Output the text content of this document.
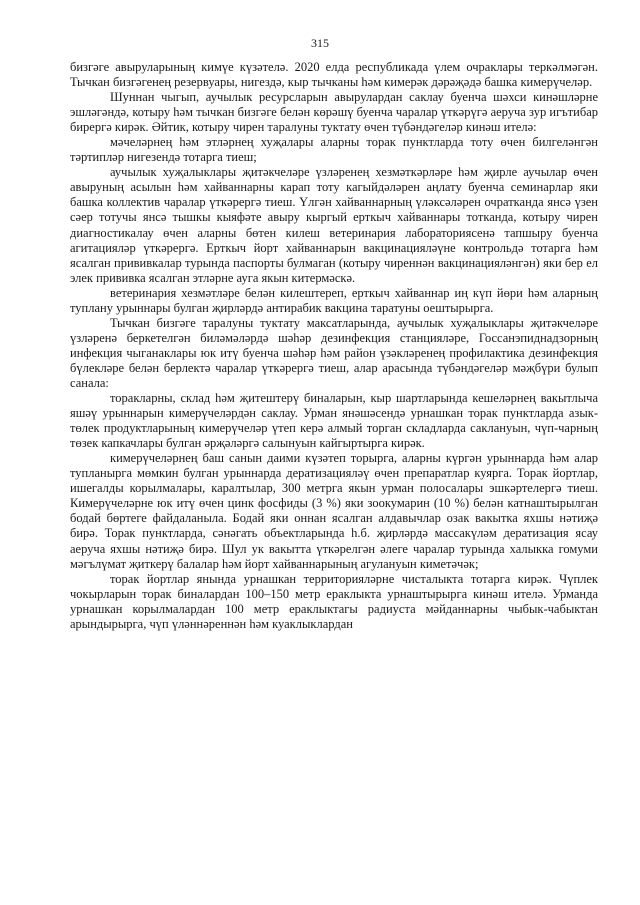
315

бизгәге авыруларының кимүе күзәтелә. 2020 елда республикада үлем очраклары теркәлмәгән. Тычкан бизгәгенең резервуары, нигездә, кыр тычканы һәм кимерәк дәрәҗәдә башка кимерүчеләр.

Шуннан чыгып, аучылык ресурсларын авырулардан саклау буенча шәхси кинәшләрне эшләгәндә, котыру һәм тычкан бизгәге белән көрәшү буенча чаралар үткәрүгә аеруча зур игътибар бирергә кирәк. Әйтик, котыру чирен таралуны туктату өчен түбәндәгеләр кинәш ителә:

мәчеләрнең һәм этләрнең хуҗалары аларны торак пунктларда тоту өчен билгеләнгән тәртипләр нигезендә тотарга тиеш;

аучылык хуҗалыклары җитәкчеләре үзләренең хезмәткәрләре һәм җирле аучылар өчен авыруның асылын һәм хайваннарны карап тоту кагыйдәләрен аңлату буенча семинарлар яки башка коллектив чаралар үткәрергә тиеш. Үлгән хайваннарның үләксәләрен очратканда янсә үзен сәер тотучы янсә тышкы кыяфәте авыру кыргый ерткыч хайваннары тотканда, котыру чирен диагностикалау өчен аларны бөтен килеш ветеринария лабораториясенә тапшыру буенча агитацияләр үткәрергә. Ерткыч йорт хайваннарын вакцинацияләүне контрольдә тотарга һәм ясалган прививкалар турында паспорты булмаган (котыру чиреннән вакцинацияләнгән) яки бер ел элек прививка ясалган этләрне ауга якын китермәскә.

ветеринария хезмәтләре белән килештереп, ерткыч хайваннар иң күп йөри һәм аларның туплану урыннары булган җирләрдә антирабик вакцина таратуны оештырырга.

Тычкан бизгәге таралуны туктату максатларында, аучылык хуҗалыклары җитәкчеләре үзләренә беркетелгән биләмәләрдә шәһәр дезинфекция станцияләре, Госсанэпиднадзорның инфекция чыганаклары юк итү буенча шәһәр һәм район үзәкләренең профилактика дезинфекция бүлекләре белән берлектә чаралар үткәрергә тиеш, алар арасында түбәндәгеләр мәҗбүри булып санала:

торакларны, склад һәм җитештерү биналарын, кыр шартларында кешеләрнең вакытлыча яшәү урыннарын кимерүчеләрдән саклау. Урман янәшәсендә урнашкан торак пунктларда азык-төлек продуктларының кимерүчеләр үтеп керә алмый торган складларда саклануын, чүп-чарның төзек капкачлары булган әрҗәләргә салынуын кайгыртырга кирәк.

кимерүчеләрнең баш санын даими күзәтеп торырга, аларны күргән урыннарда һәм алар тупланырга мөмкин булган урыннарда дератизацияләү өчен препаратлар куярга. Торак йортлар, ишегалды корылмалары, каралтылар, 300 метрга якын урман полосалары эшкәртелергә тиеш. Кимерүчеләрне юк итү өчен цинк фосфиды (3 %) яки зоокумарин (10 %) белән катнаштырылган бодай бөртеге файдаланыла. Бодай яки оннан ясалган алдавычлар озак вакытка яхшы нәтиҗә бирә. Торак пунктларда, сәнәгать объектларында һ.б. җирләрдә массакүләм дератизация ясау аеруча яхшы нәтиҗә бирә. Шул ук вакытта үткәрелгән әлеге чаралар турында халыкка гомуми мәгълүмат җиткерү балалар һәм йорт хайваннарының агулануын киметәчәк;

торак йортлар янында урнашкан территорияләрне чисталыкта тотарга кирәк. Чүплек чокырларын торак биналардан 100–150 метр ераклыкта урнаштырырга кинәш ителә. Урманда урнашкан корылмалардан 100 метр ераклыктагы радиуста мәйданнарны чыбык-чабыктан арындырырга, чүп үләннәреннән һәм куаклыклардан
